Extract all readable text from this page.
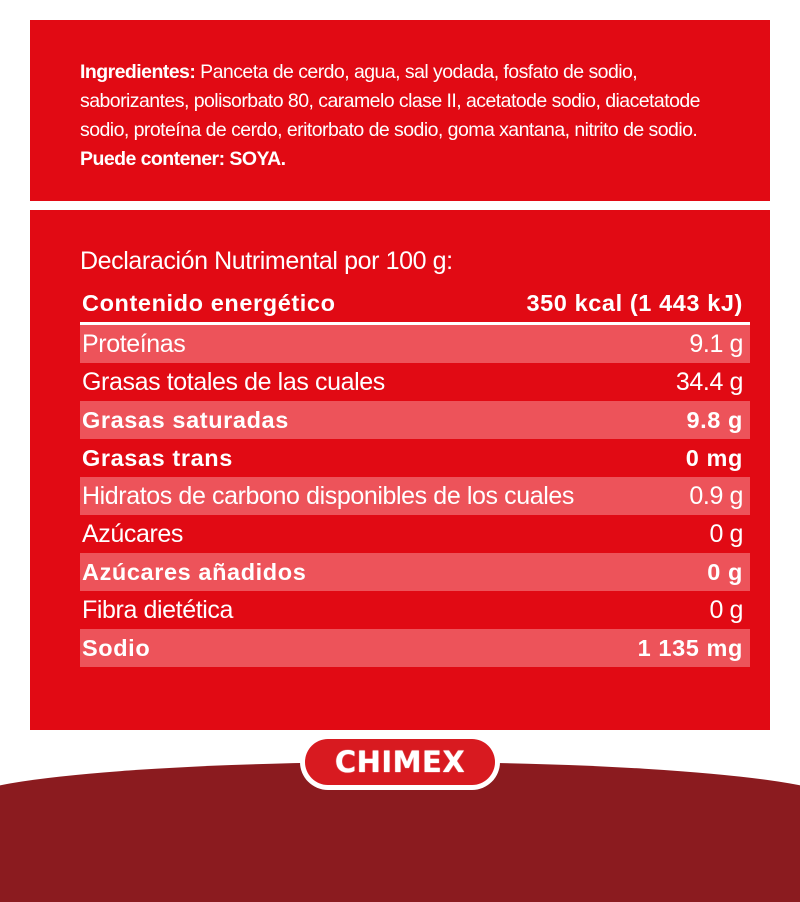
Ingredientes: Panceta de cerdo, agua, sal yodada, fosfato de sodio, saborizantes, polisorbato 80, caramelo clase II, acetatode sodio, diacetatode sodio, proteína de cerdo, eritorbato de sodio, goma xantana, nitrito de sodio.
Puede contener: SOYA.

Declaración Nutrimental por 100 g:
Contenido energético	350 kcal (1 443 kJ)
Proteínas	9.1 g
Grasas totales de las cuales	34.4 g
Grasas saturadas	9.8 g
Grasas trans	0 mg
Hidratos de carbono disponibles de los cuales	0.9 g
Azúcares	0 g
Azúcares añadidos	0 g
Fibra dietética	0 g
Sodio	1 135 mg
CHIMEX
